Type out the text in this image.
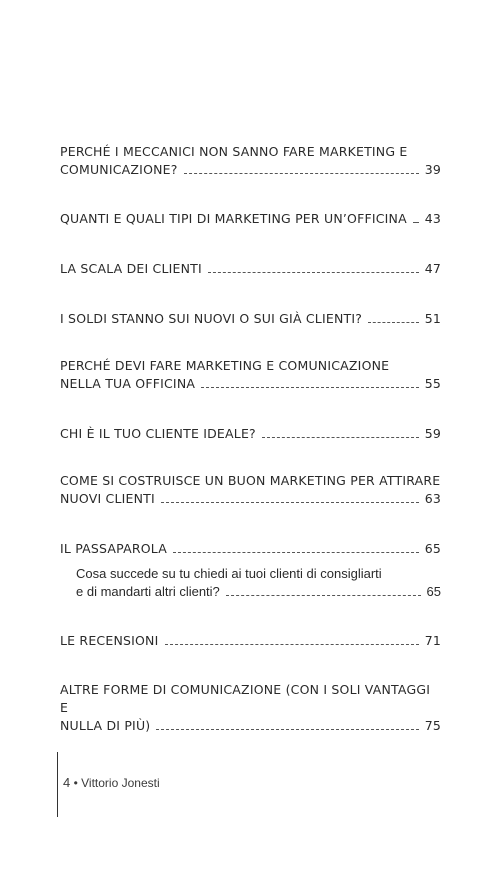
PERCHÉ I MECCANICI NON SANNO FARE MARKETING E
COMUNICAZIONE?	39
QUANTI E QUALI TIPI DI MARKETING PER UN’OFFICINA 43
LA SCALA DEI CLIENTI	47
I SOLDI STANNO SUI NUOVI O SUI GIÀ CLIENTI?	51
PERCHÉ DEVI FARE MARKETING E COMUNICAZIONE
NELLA TUA OFFICINA	55
CHI È IL TUO CLIENTE IDEALE?	59
COME SI COSTRUISCE UN BUON MARKETING PER ATTIRARE
NUOVI CLIENTI	63
IL PASSAPAROLA	65
Cosa succede su tu chiedi ai tuoi clienti di consigliarti
e di mandarti altri clienti?	65
LE RECENSIONI	71
ALTRE FORME DI COMUNICAZIONE (CON I SOLI VANTAGGI E
NULLA DI PIÙ)	75
4 • Vittorio Jonesti
